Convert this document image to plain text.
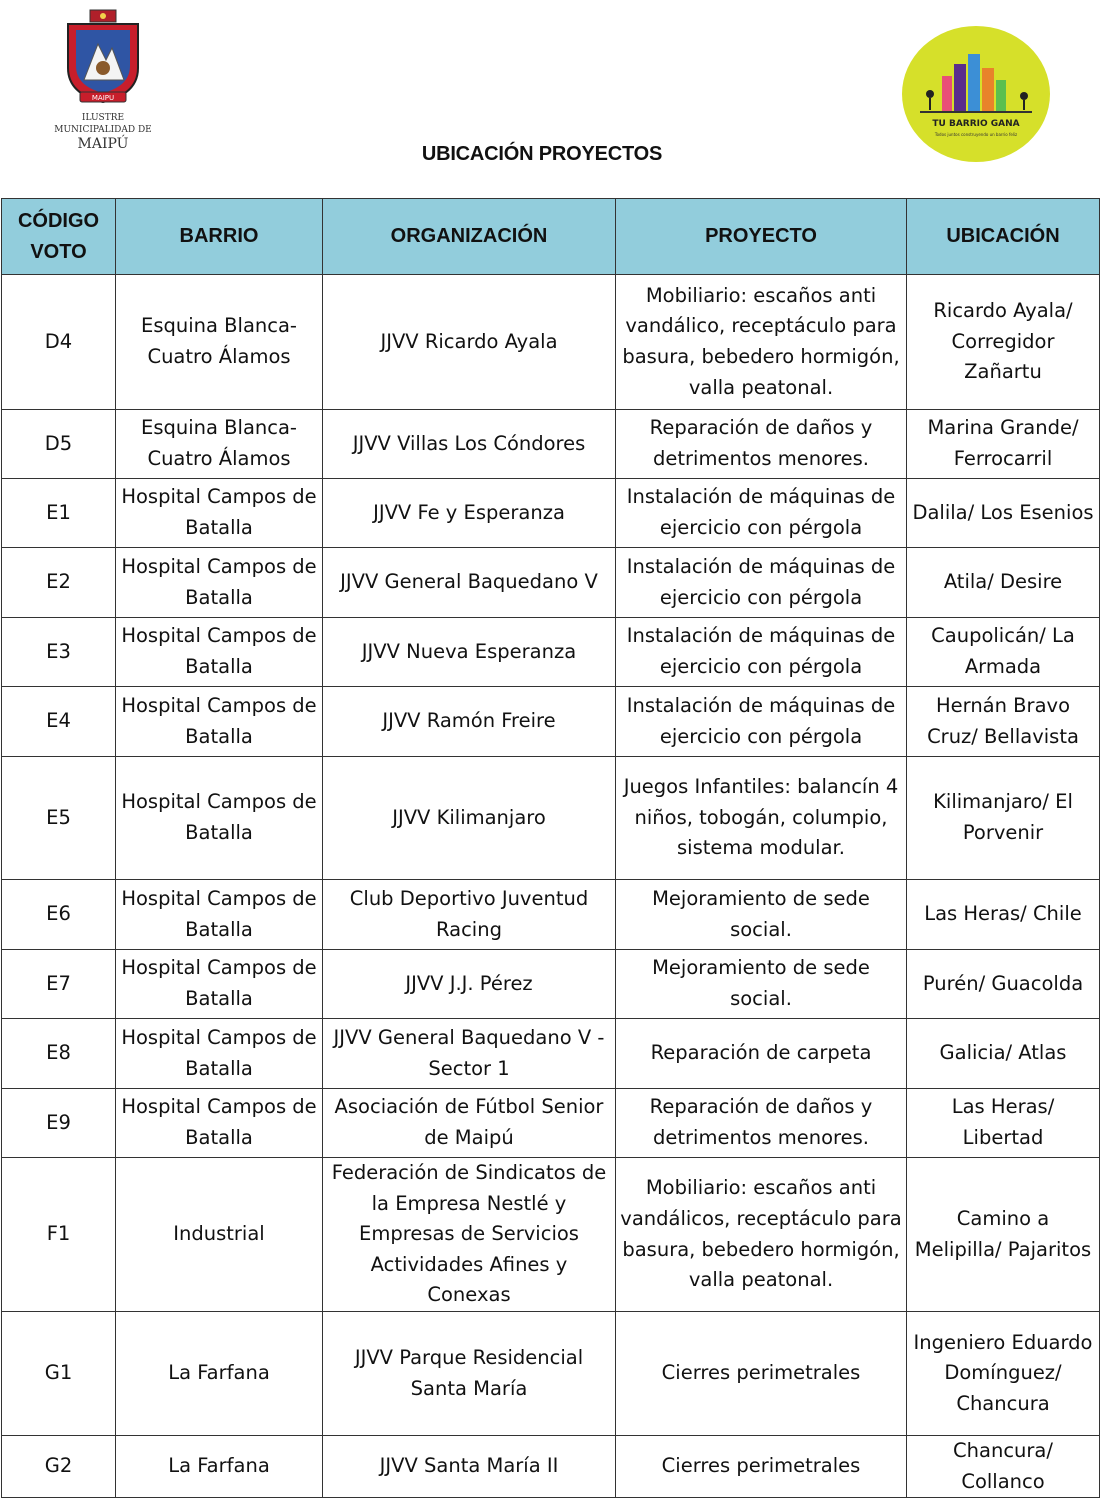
MAIPU
ILUSTRE
MUNICIPALIDAD DE
MAIPÚ
TU BARRIO GANA
Todos juntos construyendo un barrio feliz
UBICACIÓN PROYECTOS
CÓDIGO VOTO	BARRIO	ORGANIZACIÓN	PROYECTO	UBICACIÓN
D4	Esquina Blanca-Cuatro Álamos	JJVV Ricardo Ayala	Mobiliario: escaños anti vandálico, receptáculo para basura, bebedero hormigón, valla peatonal.	Ricardo Ayala/ Corregidor Zañartu
D5	Esquina Blanca-Cuatro Álamos	JJVV Villas Los Cóndores	Reparación de daños y detrimentos menores.	Marina Grande/ Ferrocarril
E1	Hospital Campos de Batalla	JJVV Fe y Esperanza	Instalación de máquinas de ejercicio con pérgola	Dalila/ Los Esenios
E2	Hospital Campos de Batalla	JJVV General Baquedano V	Instalación de máquinas de ejercicio con pérgola	Atila/ Desire
E3	Hospital Campos de Batalla	JJVV Nueva Esperanza	Instalación de máquinas de ejercicio con pérgola	Caupolicán/ La Armada
E4	Hospital Campos de Batalla	JJVV Ramón Freire	Instalación de máquinas de ejercicio con pérgola	Hernán Bravo Cruz/ Bellavista
E5	Hospital Campos de Batalla	JJVV Kilimanjaro	Juegos Infantiles: balancín 4 niños, tobogán, columpio, sistema modular.	Kilimanjaro/ El Porvenir
E6	Hospital Campos de Batalla	Club Deportivo Juventud Racing	Mejoramiento de sede social.	Las Heras/ Chile
E7	Hospital Campos de Batalla	JJVV J.J. Pérez	Mejoramiento de sede social.	Purén/ Guacolda
E8	Hospital Campos de Batalla	JJVV General Baquedano V - Sector 1	Reparación de carpeta	Galicia/ Atlas
E9	Hospital Campos de Batalla	Asociación de Fútbol Senior de Maipú	Reparación de daños y detrimentos menores.	Las Heras/ Libertad
F1	Industrial	Federación de Sindicatos de la Empresa Nestlé y Empresas de Servicios Actividades Afines y Conexas	Mobiliario: escaños anti vandálicos, receptáculo para basura, bebedero hormigón, valla peatonal.	Camino a Melipilla/ Pajaritos
G1	La Farfana	JJVV Parque Residencial Santa María	Cierres perimetrales	Ingeniero Eduardo Domínguez/ Chancura
G2	La Farfana	JJVV Santa María II	Cierres perimetrales	Chancura/ Collanco
